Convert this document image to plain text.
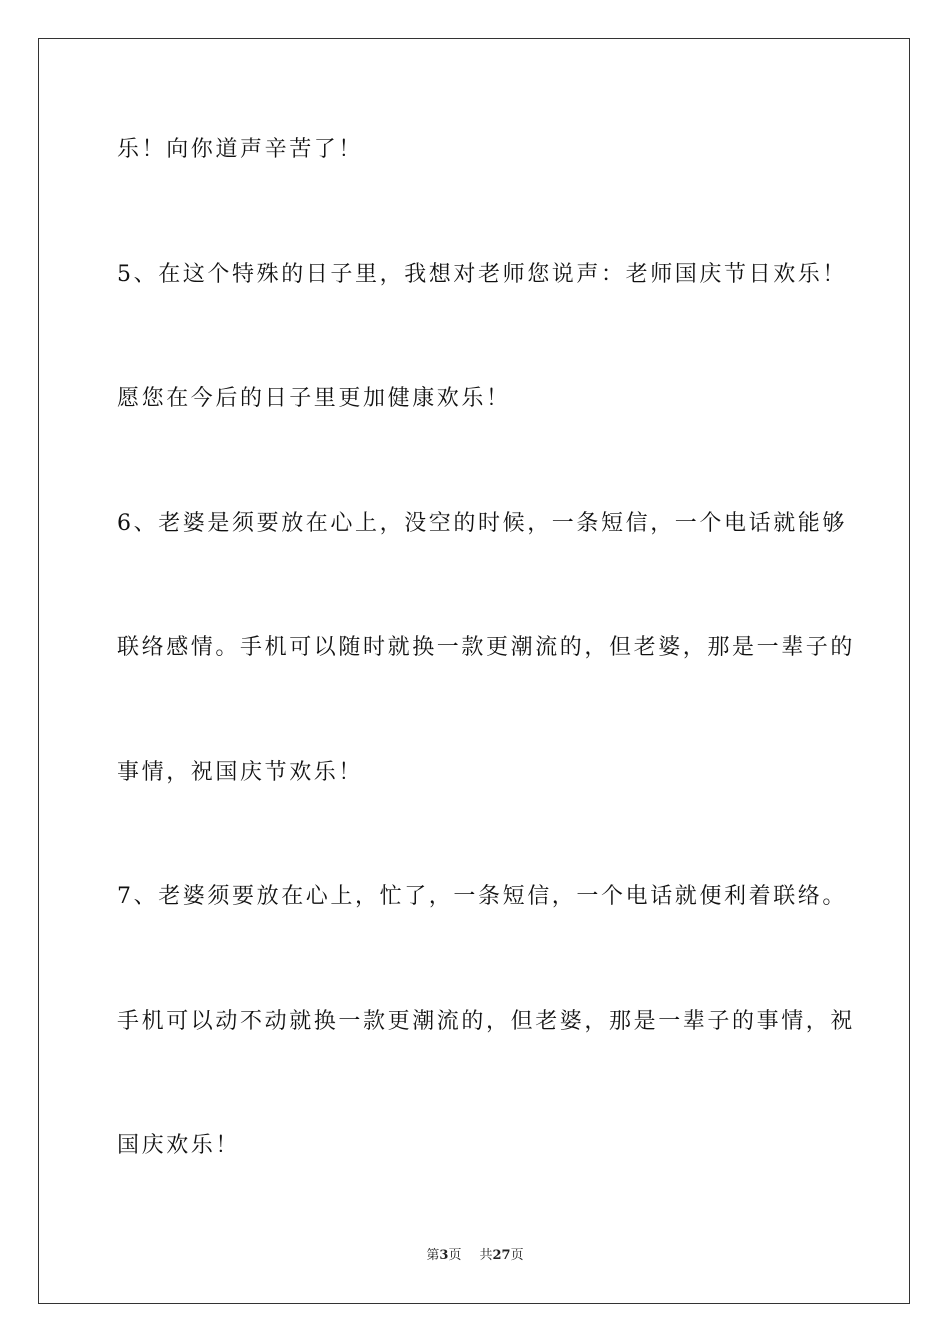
乐！向你道声辛苦了！

5、在这个特殊的日子里，我想对老师您说声：老师国庆节日欢乐！

愿您在今后的日子里更加健康欢乐！

6、老婆是须要放在心上，没空的时候，一条短信，一个电话就能够

联络感情。手机可以随时就换一款更潮流的，但老婆，那是一辈子的

事情，祝国庆节欢乐！

7、老婆须要放在心上，忙了，一条短信，一个电话就便利着联络。

手机可以动不动就换一款更潮流的，但老婆，那是一辈子的事情，祝

国庆欢乐！

第3页 共27页
